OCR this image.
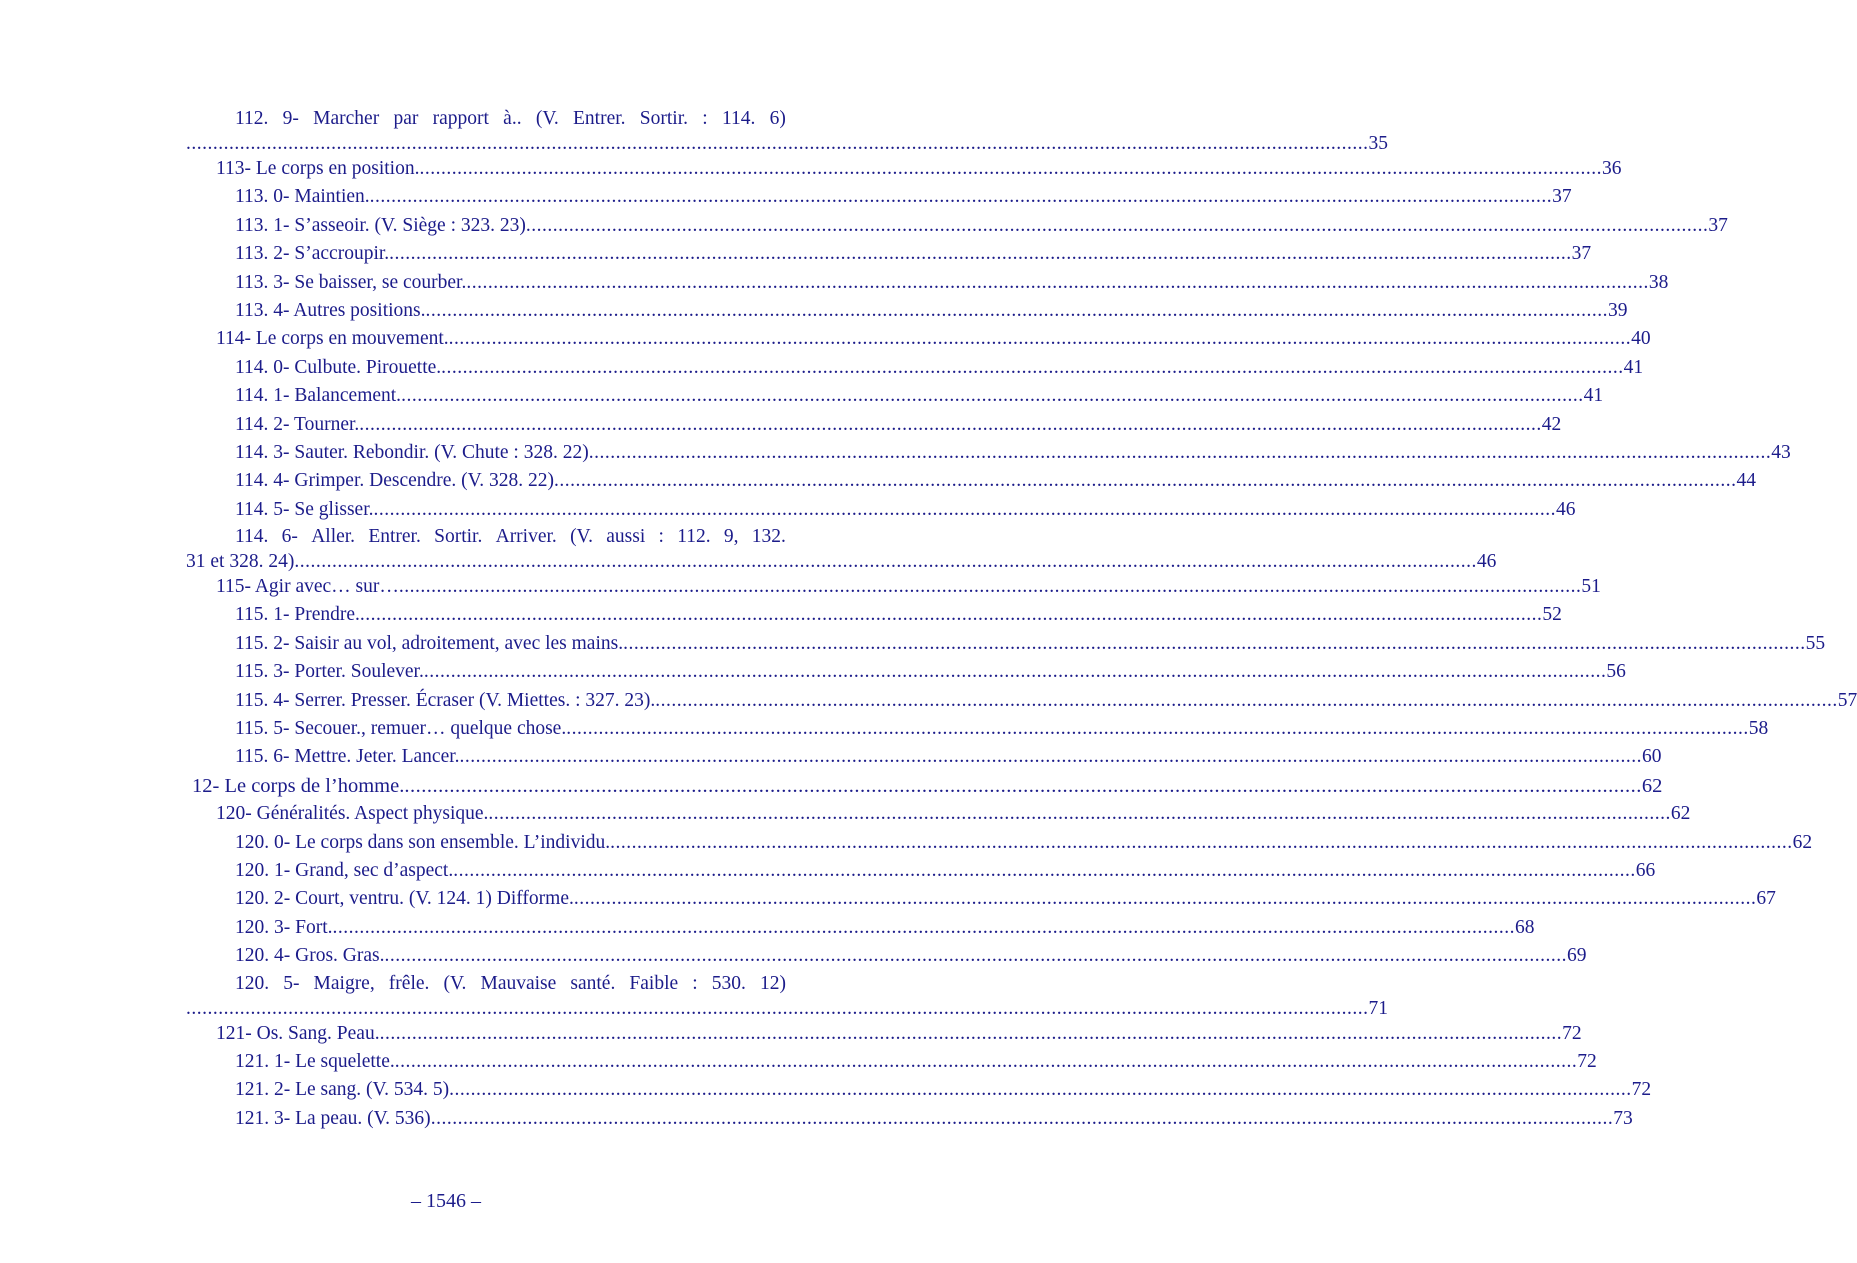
112. 9- Marcher par rapport à.. (V. Entrer. Sortir. : 114. 6)
............................................................................................................................................................................................................................ 35
113- Le corps en position. ............................................................................................................................................................................................................................ 36
113. 0- Maintien. ............................................................................................................................................................................................................................ 37
113. 1- S’asseoir. (V. Siège : 323. 23) ............................................................................................................................................................................................................................ 37
113. 2- S’accroupir. ............................................................................................................................................................................................................................ 37
113. 3- Se baisser, se courber. ............................................................................................................................................................................................................................ 38
113. 4- Autres positions. ............................................................................................................................................................................................................................ 39
114- Le corps en mouvement. ............................................................................................................................................................................................................................ 40
114. 0- Culbute. Pirouette. ............................................................................................................................................................................................................................ 41
114. 1- Balancement. ............................................................................................................................................................................................................................ 41
114. 2- Tourner. ............................................................................................................................................................................................................................ 42
114. 3- Sauter. Rebondir. (V. Chute : 328. 22) ............................................................................................................................................................................................................................ 43
114. 4- Grimper. Descendre. (V. 328. 22) ............................................................................................................................................................................................................................ 44
114. 5- Se glisser. ............................................................................................................................................................................................................................ 46
114. 6- Aller. Entrer. Sortir. Arriver. (V. aussi : 112. 9, 132.
31 et 328. 24) ............................................................................................................................................................................................................................ 46
115- Agir avec… sur… ............................................................................................................................................................................................................................ 51
115. 1- Prendre. ............................................................................................................................................................................................................................ 52
115. 2- Saisir au vol, adroitement, avec les mains. ............................................................................................................................................................................................................................ 55
115. 3- Porter. Soulever. ............................................................................................................................................................................................................................ 56
115. 4- Serrer. Presser. Écraser (V. Miettes. : 327. 23). ............................................................................................................................................................................................................................ 57
115. 5- Secouer., remuer… quelque chose. ............................................................................................................................................................................................................................ 58
115. 6- Mettre. Jeter. Lancer. ............................................................................................................................................................................................................................ 60
12- Le corps de l’homme. ............................................................................................................................................................................................................................ 62
120- Généralités. Aspect physique. ............................................................................................................................................................................................................................ 62
120. 0- Le corps dans son ensemble. L’individu. ............................................................................................................................................................................................................................ 62
120. 1- Grand, sec d’aspect. ............................................................................................................................................................................................................................ 66
120. 2- Court, ventru. (V. 124. 1) Difforme. ............................................................................................................................................................................................................................ 67
120. 3- Fort. ............................................................................................................................................................................................................................ 68
120. 4- Gros. Gras. ............................................................................................................................................................................................................................ 69
120. 5- Maigre, frêle. (V. Mauvaise santé. Faible : 530. 12)
............................................................................................................................................................................................................................ 71
121- Os. Sang. Peau. ............................................................................................................................................................................................................................ 72
121. 1- Le squelette. ............................................................................................................................................................................................................................ 72
121. 2- Le sang. (V. 534. 5) ............................................................................................................................................................................................................................ 72
121. 3- La peau. (V. 536) ............................................................................................................................................................................................................................ 73
– 1546 –
